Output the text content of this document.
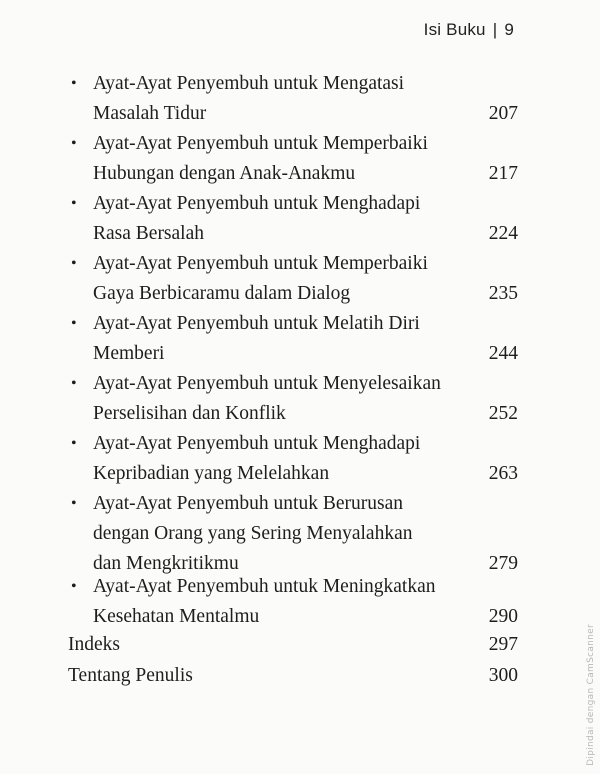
Isi Buku | 9
• Ayat-Ayat Penyembuh untuk Mengatasi
Masalah Tidur	207
• Ayat-Ayat Penyembuh untuk Memperbaiki
Hubungan dengan Anak-Anakmu	217
• Ayat-Ayat Penyembuh untuk Menghadapi
Rasa Bersalah	224
• Ayat-Ayat Penyembuh untuk Memperbaiki
Gaya Berbicaramu dalam Dialog	235
• Ayat-Ayat Penyembuh untuk Melatih Diri
Memberi	244
• Ayat-Ayat Penyembuh untuk Menyelesaikan
Perselisihan dan Konflik	252
• Ayat-Ayat Penyembuh untuk Menghadapi
Kepribadian yang Melelahkan	263
• Ayat-Ayat Penyembuh untuk Berurusan
dengan Orang yang Sering Menyalahkan
dan Mengkritikmu	279
• Ayat-Ayat Penyembuh untuk Meningkatkan
Kesehatan Mentalmu	290
Indeks	297
Tentang Penulis	300	Dipindai dengan CamScanner
